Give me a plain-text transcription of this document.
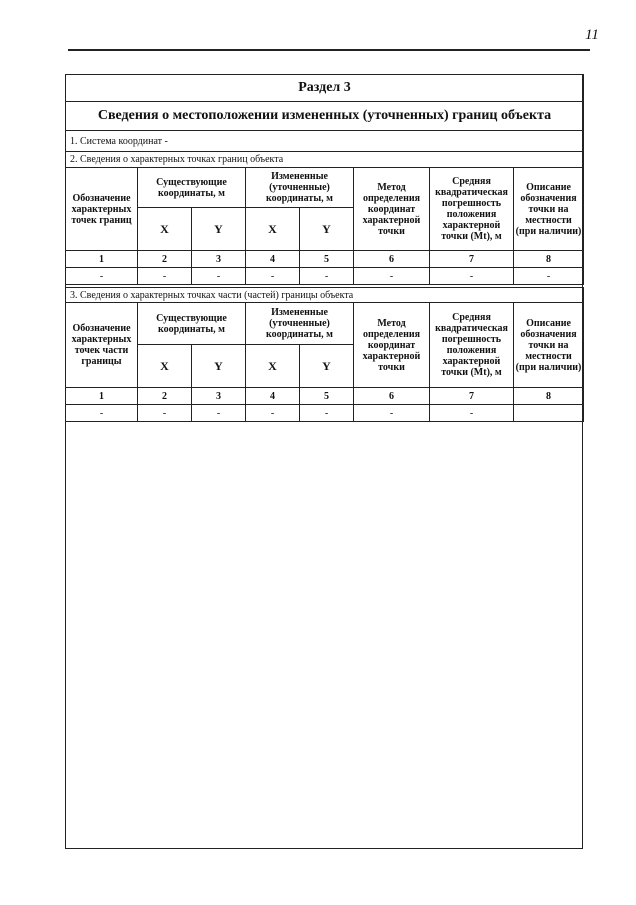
11
Раздел 3
Сведения о местоположении измененных (уточненных) границ объекта
1. Система координат -
2. Сведения о характерных точках границ объекта
Обозначение характерных точек границ	Существующие координаты, м		Измененные (уточненные) координаты, м		Метод определения координат характерной точки	Средняя квадратическая погрешность положения характерной точки (Mt), м	Описание обозначения точки на местности (при наличии)
	X	Y	X	Y			
1	2	3	4	5	6	7	8
-	-	-	-	-	-	-	-
3. Сведения о характерных точках части (частей) границы объекта
Обозначение характерных точек части границы	Существующие координаты, м		Измененные (уточненные) координаты, м		Метод определения координат характерной точки	Средняя квадратическая погрешность положения характерной точки (Mt), м	Описание обозначения точки на местности (при наличии)
	X	Y	X	Y			
1	2	3	4	5	6	7	8
-	-	-	-	-	-	-	
